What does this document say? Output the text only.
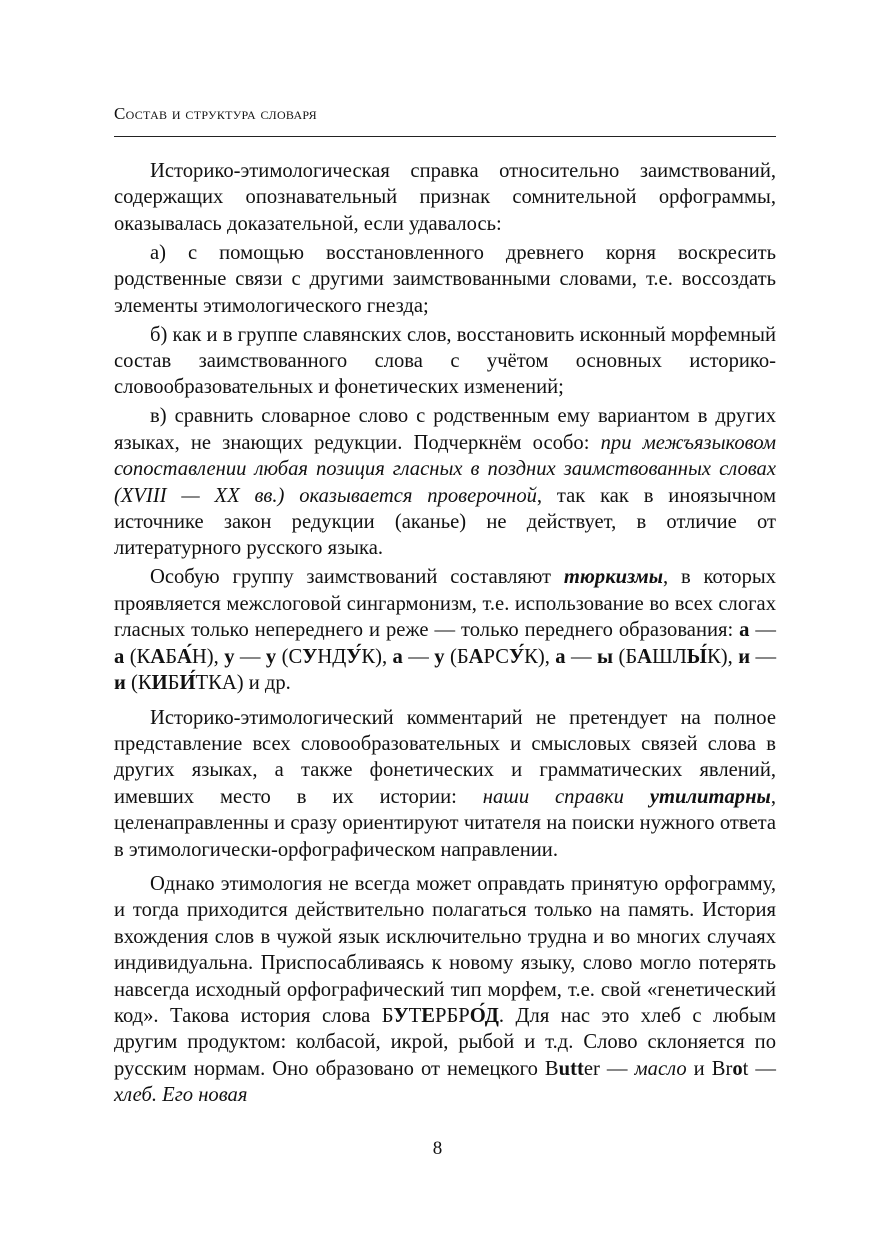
Состав и структура словаря

Историко-этимологическая справка относительно заимствований, содержащих опознавательный признак сомнительной орфограммы, оказывалась доказательной, если удавалось:

а) с помощью восстановленного древнего корня воскресить родственные связи с другими заимствованными словами, т.е. воссоздать элементы этимологического гнезда;

б) как и в группе славянских слов, восстановить исконный морфемный состав заимствованного слова с учётом основных историко-словообразовательных и фонетических изменений;

в) сравнить словарное слово с родственным ему вариантом в других языках, не знающих редукции. Подчеркнём особо: при межъязыковом сопоставлении любая позиция гласных в поздних заимствованных словах (XVIII — XX вв.) оказывается проверочной, так как в иноязычном источнике закон редукции (аканье) не действует, в отличие от литературного русского языка.

Особую группу заимствований составляют тюркизмы, в которых проявляется межслоговой сингармонизм, т.е. использование во всех слогах гласных только непереднего и реже — только переднего образования: а — а (КАБА́Н), у — у (СУНДУ́К), а — у (БАРСУ́К), а — ы (БАШЛЫ́К), и — и (КИБИ́ТКА) и др.

Историко-этимологический комментарий не претендует на полное представление всех словообразовательных и смысловых связей слова в других языках, а также фонетических и грамматических явлений, имевших место в их истории: наши справки утилитарны, целенаправленны и сразу ориентируют читателя на поиски нужного ответа в этимологически-орфографическом направлении.

Однако этимология не всегда может оправдать принятую орфограмму, и тогда приходится действительно полагаться только на память. История вхождения слов в чужой язык исключительно трудна и во многих случаях индивидуальна. Приспосабливаясь к новому языку, слово могло потерять навсегда исходный орфографический тип морфем, т.е. свой «генетический код». Такова история слова БУТЕРБРО́Д. Для нас это хлеб с любым другим продуктом: колбасой, икрой, рыбой и т.д. Слово склоняется по русским нормам. Оно образовано от немецкого Butter — масло и Brot — хлеб. Его новая

8
